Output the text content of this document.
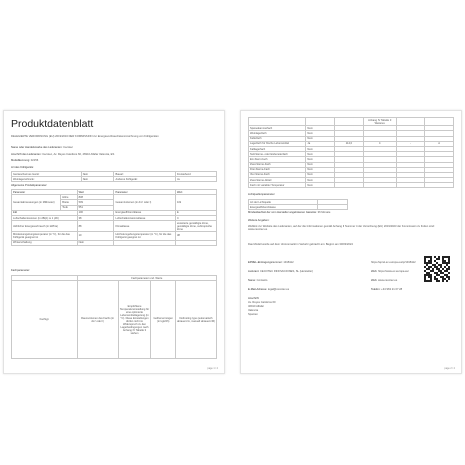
Produktdatenblatt
DELEGIERTE VERORDNUNG (EU) 2019/2016 DER KOMMISSION zur Energieverbrauchskennzeichnung von Kühlgeräten
Name oder Handelsmarke des Lieferanten: Cecotec
Anschrift des Lieferanten: Cecotec, Av. Reyes Catolicos 60, 46910 Alfafar Valencia, ES
Modellkennung: 02156
Art des Kühlgeräts:
Geräuscharmes Gerät:	Nein	Bauart:	Freistehend
Weinlagerschrank:	Nein	Anderes Kühlgerät:	Ja
Allgemeine Produktparameter:
Parameter		Wert	Parameter	Wert
Gesamtabmessungen (in Millimeter)	Höhe	838	Gesamtvolumen (in dm³ oder l)	119
	Breite	509		
	Tiefe	551		
EEI		100	Energieeffizienzklasse	E
Luftschallemissionen (in dB(A) re 1 pW)		38	Luftschallemissionsklasse	C
Jährlicher Energieverbrauch (in kWh/a)		88	Klimaklasse	erweiterte gemäßigte Zone, gemäßigte Zone, subtropische Zone
Mindestumgebungstemperatur (in °C), für die das Kühlgerät geeignet ist		10	Höchstumgebungstemperatur (in °C), für die das Kühlgerät geeignet ist	38
Winterschaltung		Nein		
Fachparameter:
	Fachparameter und -Werte			
Fachtyp	Raumvolumen des Fachs (in dm³ oder l)	Empfohlene Temperatureinstellung für eine optimierte Lebensmittellagerung (in °C). Diese Einstellungen dürfen nicht im Widerspruch zu den Lagerbedingungen nach Anhang IV Tabelle 3 stehen	Gefriervermögen (in kg/24h)	Defrosting type (automatisch abtauen=A, manuell abtauen=M)
page 1 / 2
			Anhang IV Tabelle 3 Weiteres		
Speisekammerfach	Nein				
Weinlagerfach	Nein				
Kellerfach	Nein				
Lagerfach für frische Lebensmittel	Ja	114,0	4	-	A
Kaltlagerfach	Nein				
Null-Sterne- oder Eisbereiterfach	Nein				
Ein-Stern-Fach	Nein				
Zwei-Sterne-Fach	Nein				
Drei-Sterne-Fach	Nein				
Vier-Sterne-Fach	Nein				
Zwei-Sterne-Abteil	Nein				
Fach mit variabler Temperatur	Nein				
Lichtquellenparameter
Art der Lichtquelle	
Energieeffizienzklasse	
Mindestlaufzeit der vom Hersteller angebotenen Garantie: 36 Monate
Weitere Angaben:
Weblink zur Website des Lieferanten, auf der die Informationen gemäß Anhang II Nummer 4 der Verordnung (EU) 2019/2023 der Kommission zu finden sind: www.cecotec.es
Das Modell wurde auf dem Unionsmarkt in Verkehr gebracht am: Beginn am 30/03/2024
EPREL-Eintragungsnummer: 1918112	https://eprel.ec.europa.eu/qr/1918112
Lieferant: CECOTEC INNOVACIONES, SL (Hersteller)	Web: https://www.ec.europa.eu/
Name: Contacto	Web: www.cecotec.es
E-Mail-Adresse: legal@cecotec.es	Telefon: +34 963 21 07 28
Anschrift:
Av. Reyes Catolicos 60
46910 Alfafar
Valencia
Spanien
page 2 / 2
